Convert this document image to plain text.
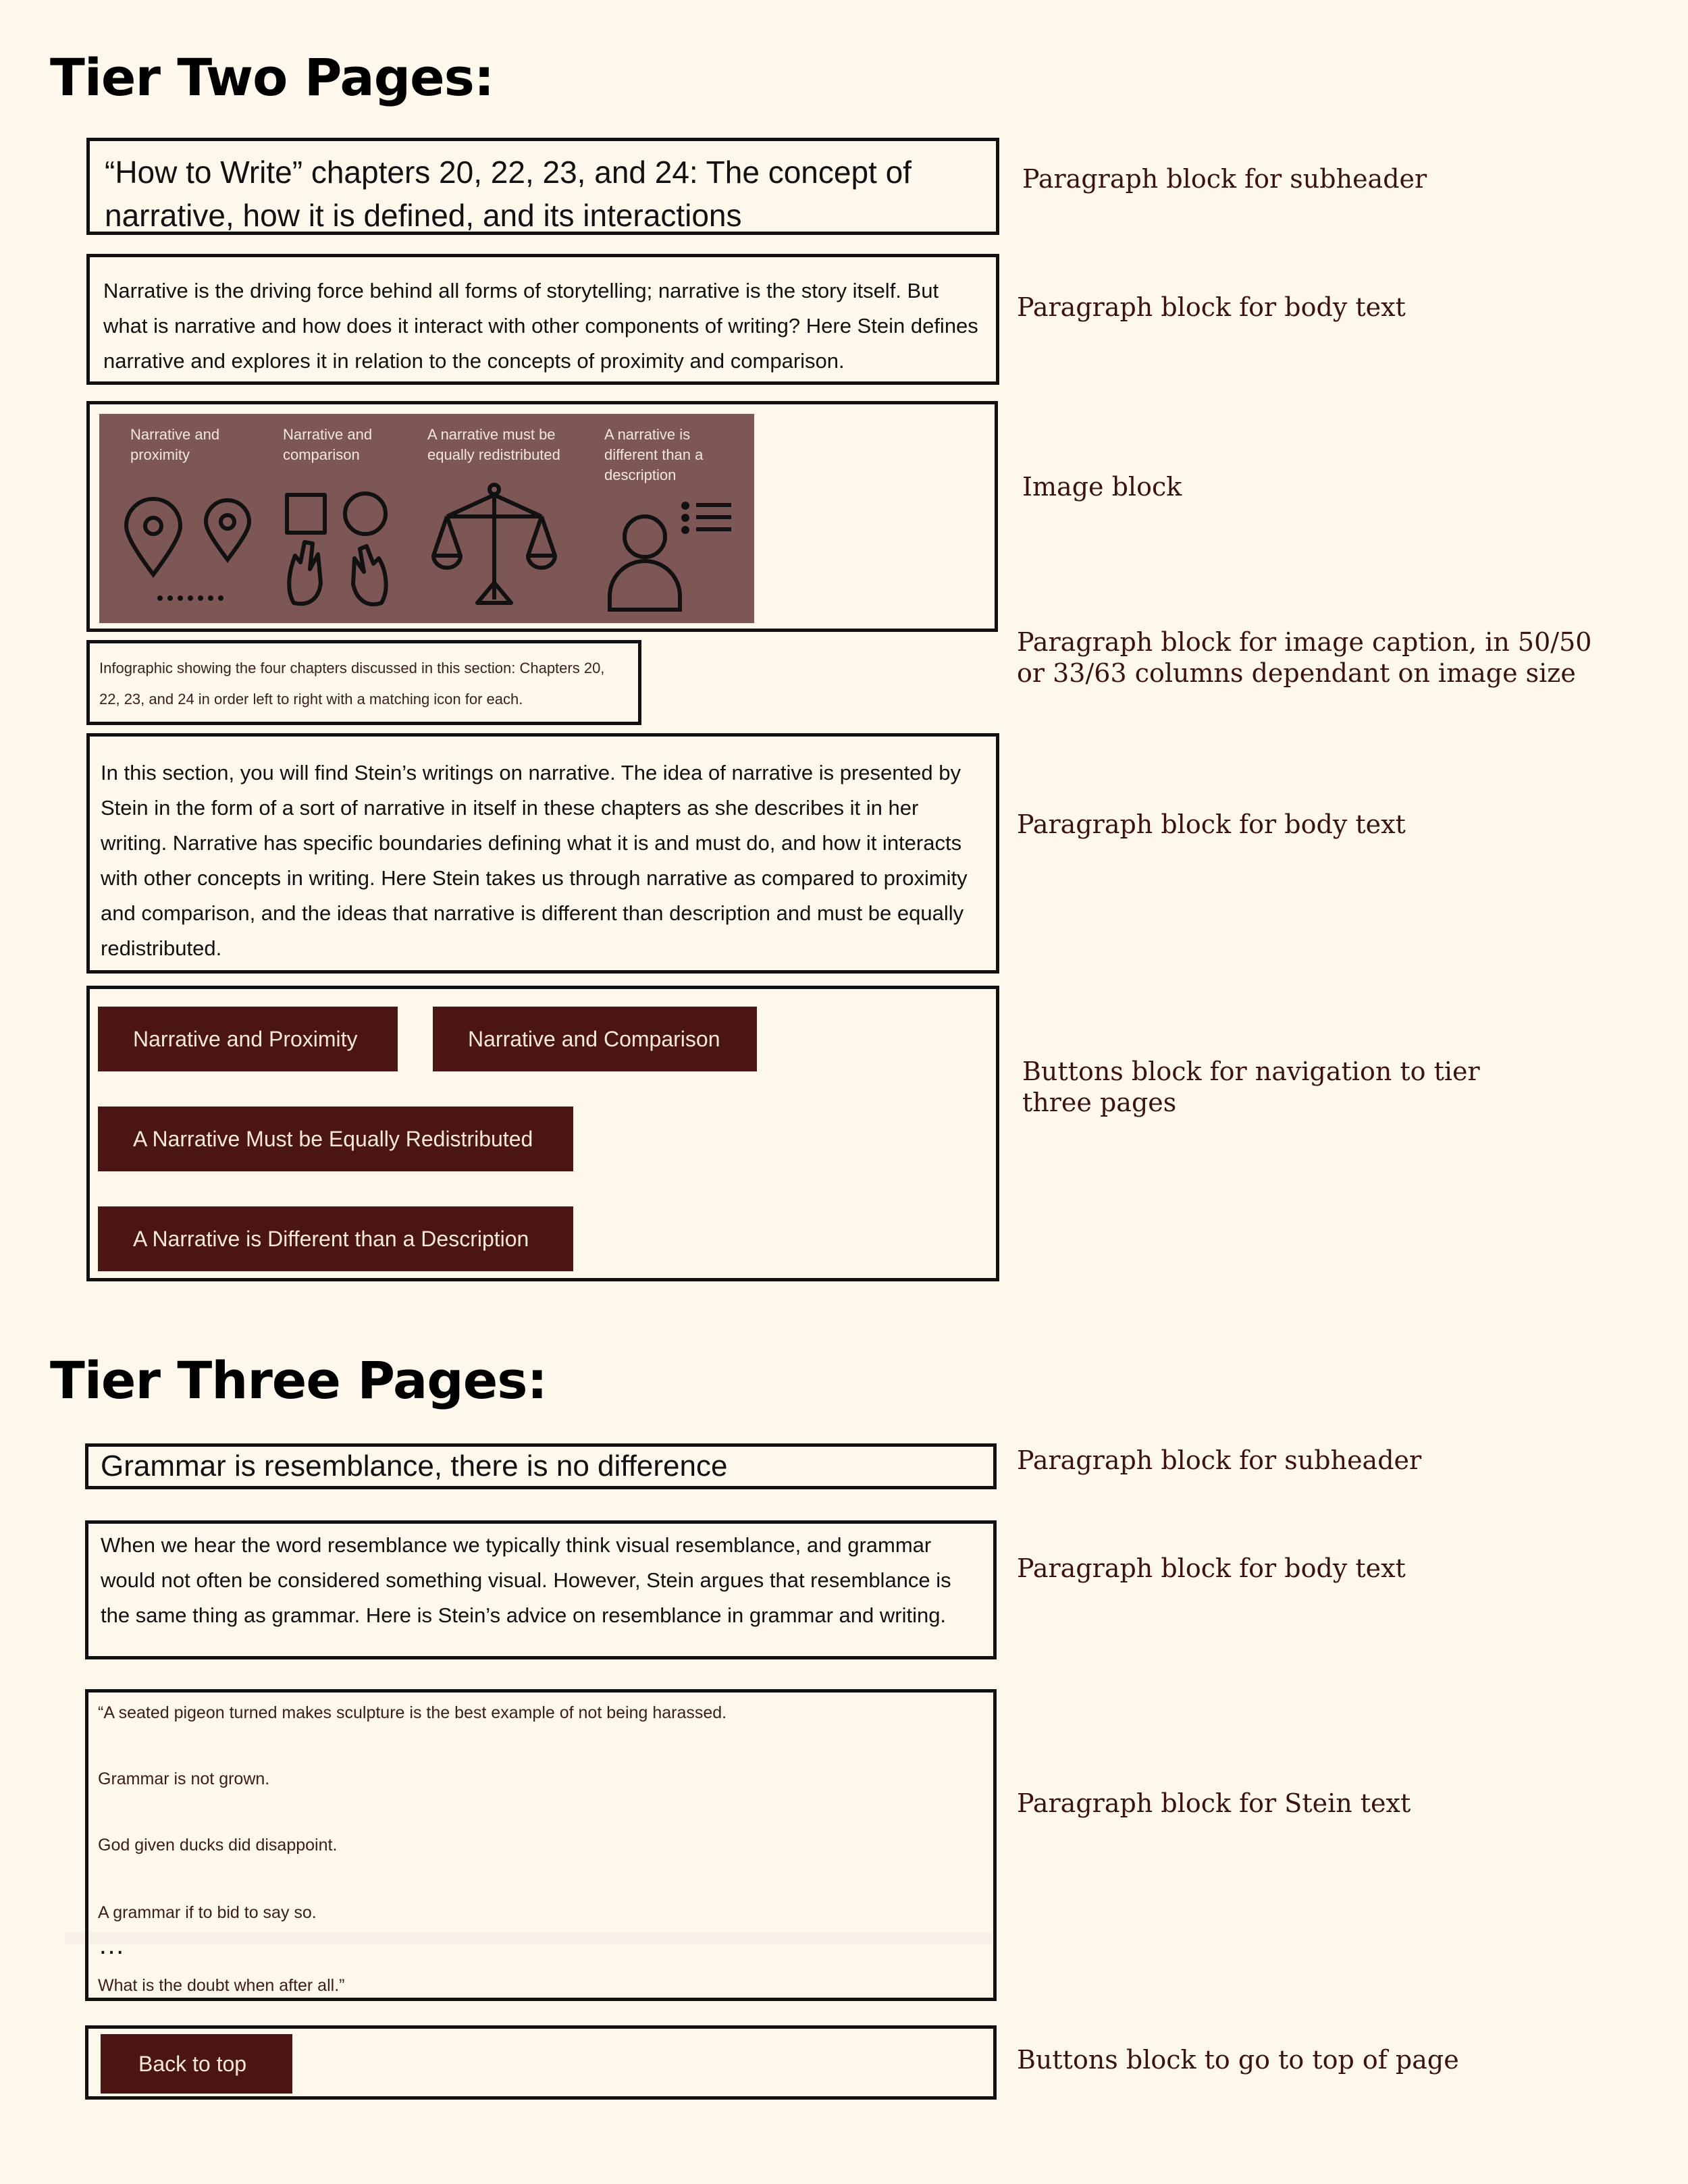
Tier Two Pages:
“How to Write” chapters 20, 22, 23, and 24: The concept of narrative, how it is defined, and its interactions
Paragraph block for subheader
Narrative is the driving force behind all forms of storytelling; narrative is the story itself. But what is narrative and how does it interact with other components of writing? Here Stein defines narrative and explores it in relation to the concepts of proximity and comparison.
Paragraph block for body text
Narrative and
proximity
Narrative and
comparison
A narrative must be
equally redistributed
A narrative is
different than a
description	Image block
Infographic showing the four chapters discussed in this section: Chapters 20, 22, 23, and 24 in order left to right with a matching icon for each.
Paragraph block for image caption, in 50/50 or 33/63 columns dependant on image size
In this section, you will find Stein’s writings on narrative. The idea of narrative is presented by Stein in the form of a sort of narrative in itself in these chapters as she describes it in her writing. Narrative has specific boundaries defining what it is and must do, and how it interacts with other concepts in writing. Here Stein takes us through narrative as compared to proximity and comparison, and the ideas that narrative is different than description and must be equally redistributed.
Paragraph block for body text
Narrative and Proximity	Narrative and Comparison
A Narrative Must be Equally Redistributed
A Narrative is Different than a Description
Buttons block for navigation to tier three pages
Tier Three Pages:
Grammar is resemblance, there is no difference	Paragraph block for subheader
When we hear the word resemblance we typically think visual resemblance, and grammar would not often be considered something visual. However, Stein argues that resemblance is the same thing as grammar. Here is Stein’s advice on resemblance in grammar and writing.
Paragraph block for body text

“A seated pigeon turned makes sculpture is the best example of not being harassed.

Grammar is not grown.

God given ducks did disappoint.

A grammar if to bid to say so.

…

What is the doubt when after all.”

Paragraph block for Stein text
Back to top	Buttons block to go to top of page
